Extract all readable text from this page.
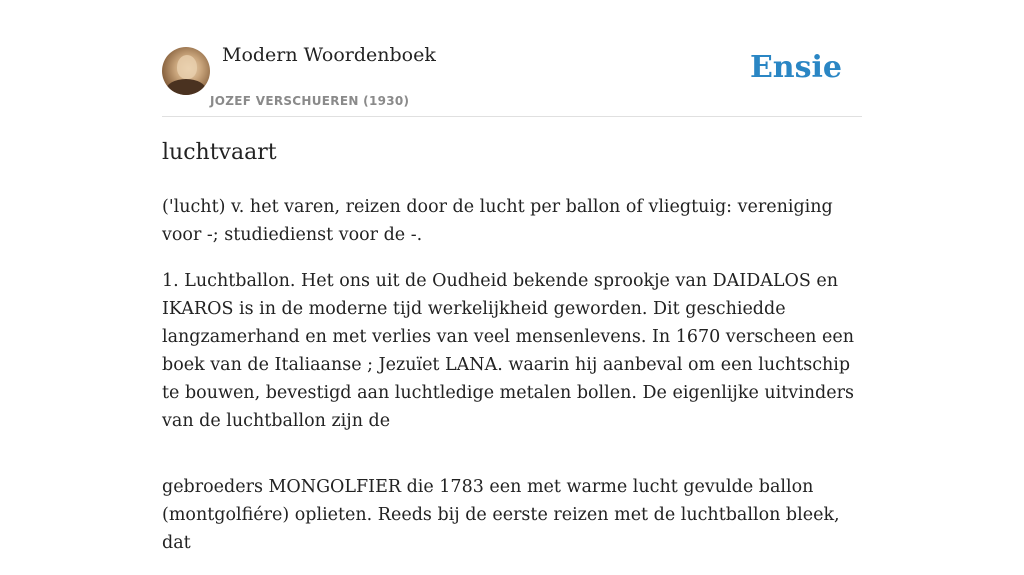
Modern Woordenboek
JOZEF VERSCHUEREN (1930)
Ensie
luchtvaart

('lucht) v. het varen, reizen door de lucht per ballon of vliegtuig: vereniging voor -; studiedienst voor de -.

1. Luchtballon. Het ons uit de Oudheid bekende sprookje van DAIDALOS en IKAROS is in de moderne tijd werkelijkheid geworden. Dit geschiedde langzamerhand en met verlies van veel mensenlevens. In 1670 verscheen een boek van de Italiaanse ; Jezuïet LANA. waarin hij aanbeval om een luchtschip te bouwen, bevestigd aan luchtledige metalen bollen. De eigenlijke uitvinders van de luchtballon zijn de

gebroeders MONGOLFIER die 1783 een met warme lucht gevulde ballon (montgolfiére) oplieten. Reeds bij de eerste reizen met de luchtballon bleek, dat
